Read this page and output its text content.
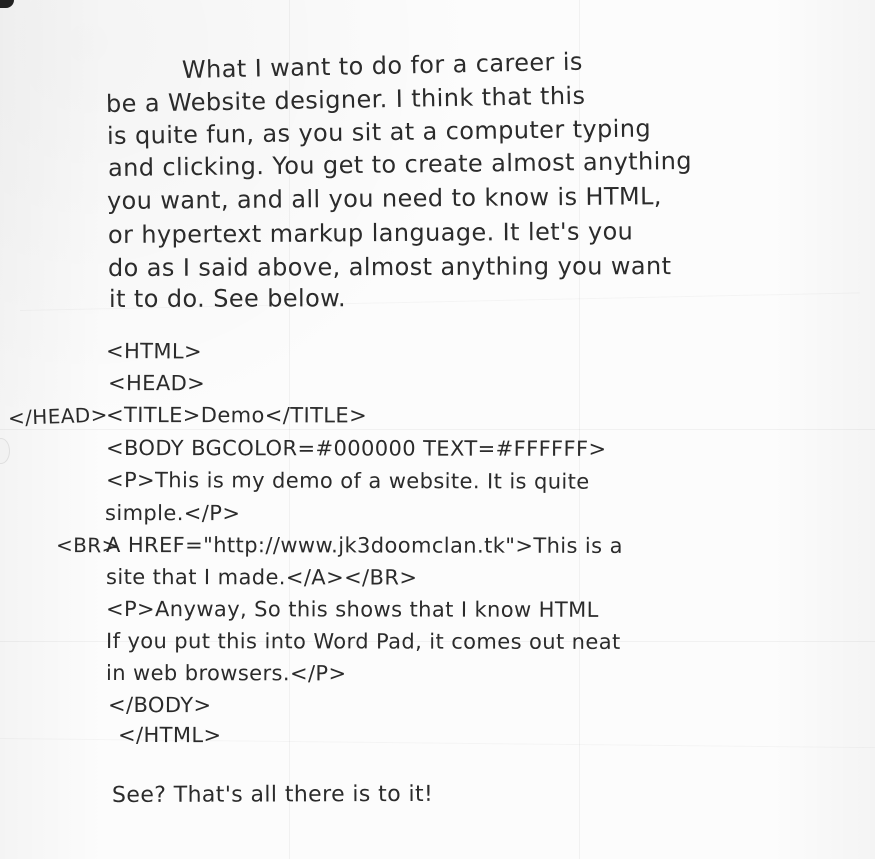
What I want to do for a career is
be a Website designer. I think that this
is quite fun, as you sit at a computer typing
and clicking. You get to create almost anything
you want, and all you need to know is HTML,
or hypertext markup language. It let's you
do as I said above, almost anything you want
it to do. See below.
<HTML>
<HEAD>
</HEAD>
<TITLE>Demo</TITLE>
<BODY BGCOLOR=#000000 TEXT=#FFFFFF>
<P>This is my demo of a website. It is quite
simple.</P>
<BR>
A HREF="http://www.jk3doomclan.tk">This is a
site that I made.</A></BR>
<P>Anyway, So this shows that I know HTML
If you put this into Word Pad, it comes out neat
in web browsers.</P>
</BODY>
</HTML>
See? That's all there is to it!
